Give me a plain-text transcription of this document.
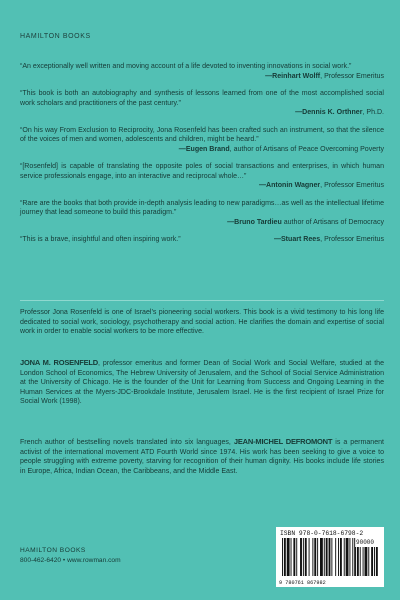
HAMILTON BOOKS
“An exceptionally well written and moving account of a life devoted to inventing innovations in social work.”
—Reinhart Wolff, Professor Emeritus
“This book is both an autobiography and synthesis of lessons learned from one of the most accomplished social work scholars and practitioners of the past century.”
—Dennis K. Orthner, Ph.D.
“On his way From Exclusion to Reciprocity, Jona Rosenfeld has been crafted such an instrument, so that the silence of the voices of men and women, adolescents and children, might be heard.”
—Eugen Brand, author of Artisans of Peace Overcoming Poverty
“[Rosenfeld] is capable of translating the opposite poles of social transactions and enterprises, in which human service professionals engage, into an interactive and reciprocal whole…”
—Antonin Wagner, Professor Emeritus
“Rare are the books that both provide in-depth analysis leading to new paradigms…as well as the intellectual lifetime journey that lead someone to build this paradigm.”
—Bruno Tardieu author of Artisans of Democracy
“This is a brave, insightful and often inspiring work.”	—Stuart Rees, Professor Emeritus
Professor Jona Rosenfeld is one of Israel’s pioneering social workers. This book is a vivid testimony to his long life dedicated to social work, sociology, psychotherapy and social action. He clarifies the domain and expertise of social work in order to enable social workers to be more effective.
JONA M. ROSENFELD, professor emeritus and former Dean of Social Work and Social Welfare, studied at the London School of Economics, The Hebrew University of Jerusalem, and the School of Social Service Administration at the University of Chicago. He is the founder of the Unit for Learning from Success and Ongoing Learning in the Human Services at the Myers-JDC-Brookdale Institute, Jerusalem Israel. He is the first recipient of Israel Prize for Social Work (1998).
French author of bestselling novels translated into six languages, JEAN-MICHEL DEFROMONT is a permanent activist of the international movement ATD Fourth World since 1974. His work has been seeking to give a voice to people struggling with extreme poverty, starving for recognition of their human dignity. His books include life stories in Europe, Africa, Indian Ocean, the Caribbeans, and the Middle East.
HAMILTON BOOKS
800-462-6420 • www.rowman.com
ISBN 978-0-7618-6798-2
90000
9 780761 867982
